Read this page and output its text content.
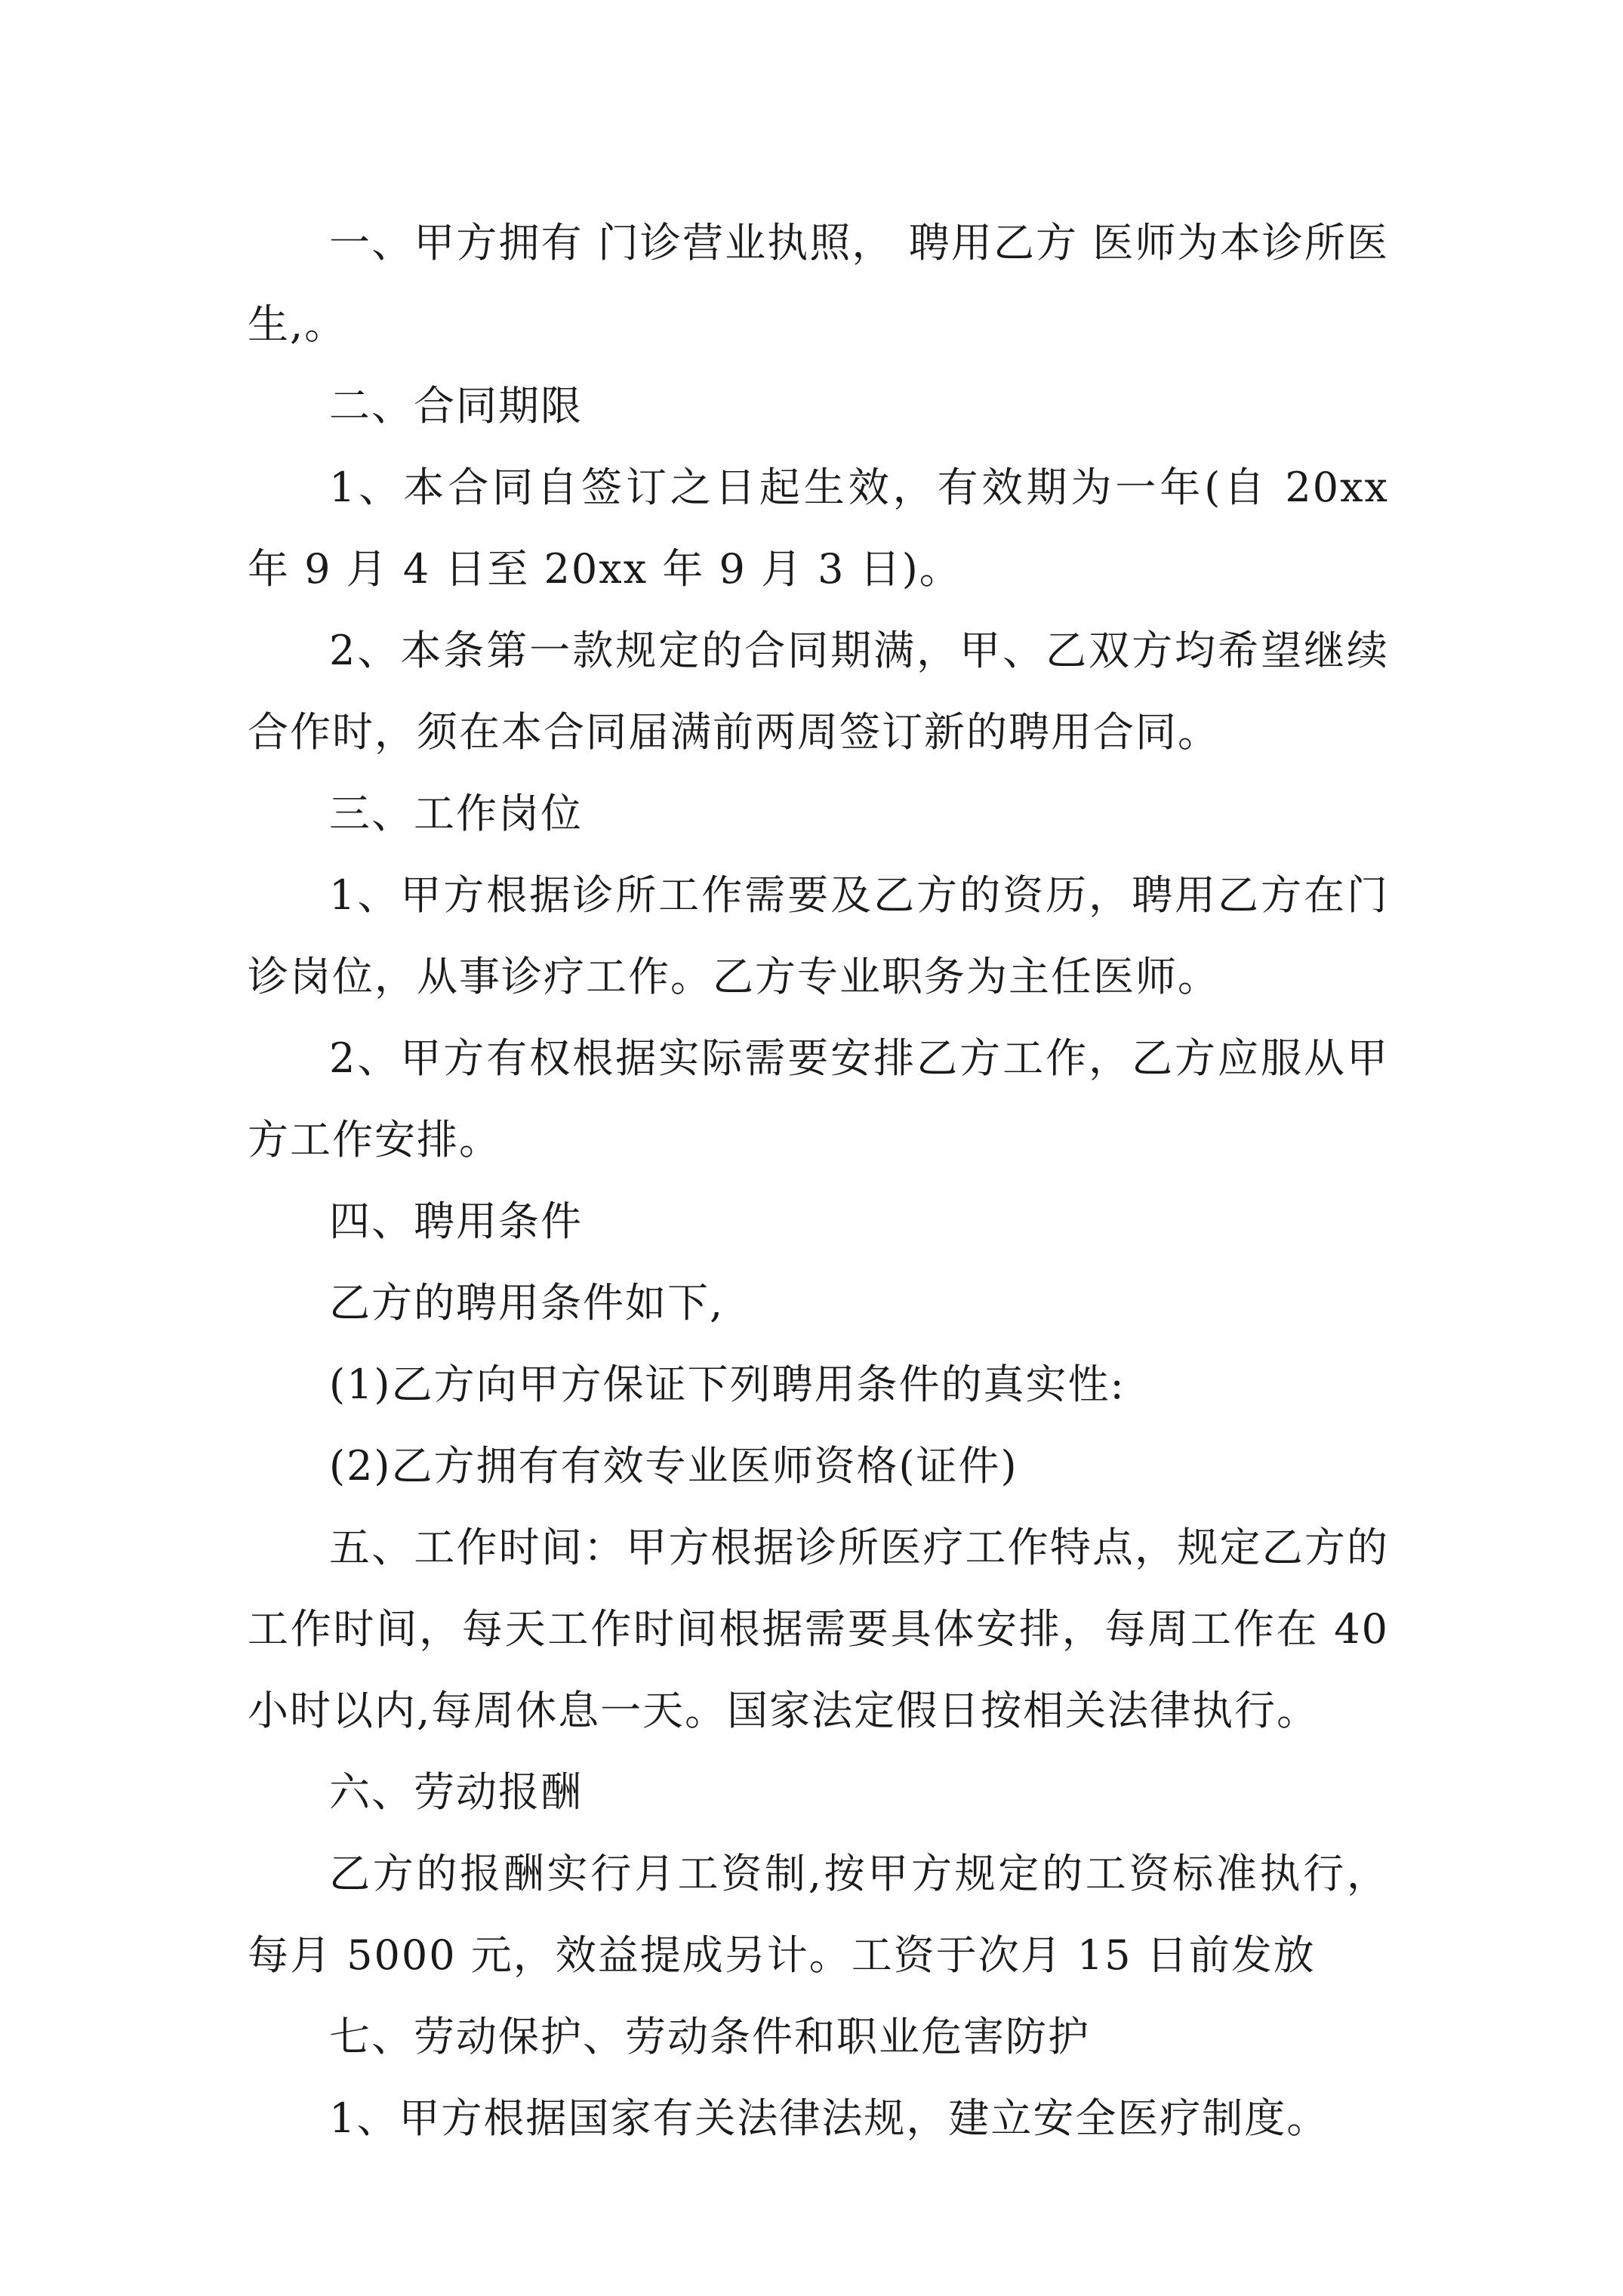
一、甲方拥有 门诊营业执照， 聘用乙方 医师为本诊所医生,。

二、合同期限

1、本合同自签订之日起生效，有效期为一年(自 20xx 年 9 月 4 日至 20xx 年 9 月 3 日)。

2、本条第一款规定的合同期满，甲、乙双方均希望继续合作时，须在本合同届满前两周签订新的聘用合同。

三、工作岗位

1、甲方根据诊所工作需要及乙方的资历，聘用乙方在门诊岗位，从事诊疗工作。乙方专业职务为主任医师。

2、甲方有权根据实际需要安排乙方工作，乙方应服从甲方工作安排。

四、聘用条件

乙方的聘用条件如下,

(1)乙方向甲方保证下列聘用条件的真实性:

(2)乙方拥有有效专业医师资格(证件)

五、工作时间：甲方根据诊所医疗工作特点，规定乙方的工作时间，每天工作时间根据需要具体安排，每周工作在 40 小时以内,每周休息一天。国家法定假日按相关法律执行。

六、劳动报酬

乙方的报酬实行月工资制,按甲方规定的工资标准执行，每月 5000 元，效益提成另计。工资于次月 15 日前发放

七、劳动保护、劳动条件和职业危害防护

1、甲方根据国家有关法律法规，建立安全医疗制度。
